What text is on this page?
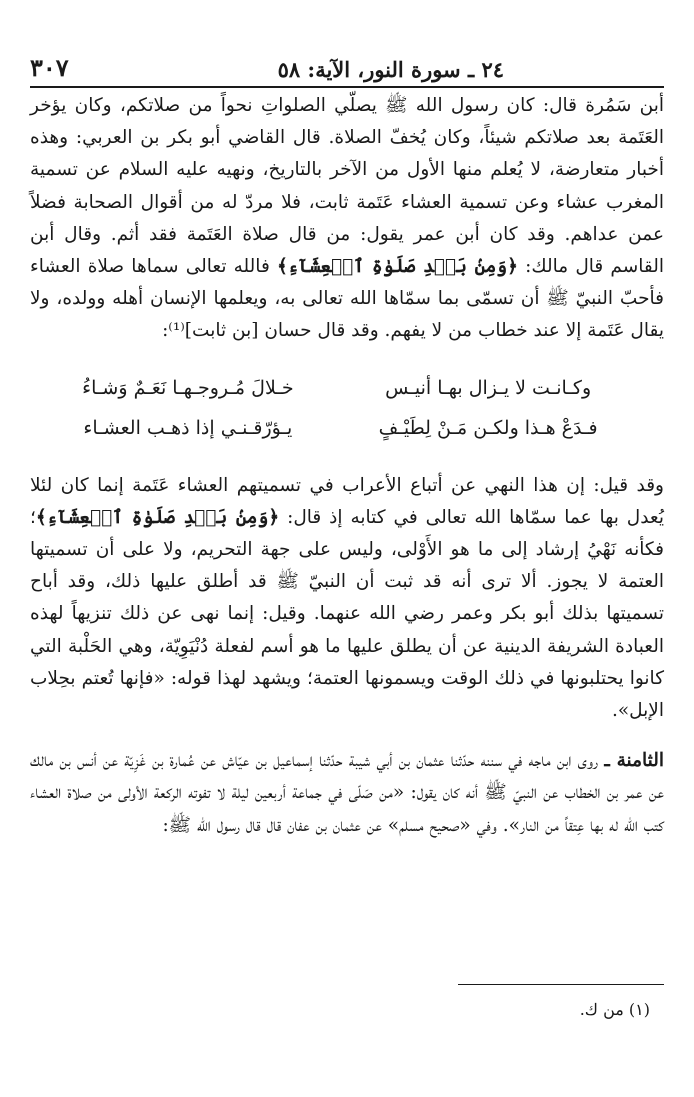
٢٤ ـ سورة النور، الآية: ٥٨
٣٠٧

أبن سَمُرة قال: كان رسول الله ﷺ يصلّي الصلواتِ نحواً من صلاتكم، وكان يؤخر العَتَمة بعد صلاتكم شيئاً، وكان يُخفّ الصلاة. قال القاضي أبو بكر بن العربي: وهذه أخبار متعارضة، لا يُعلم منها الأول من الآخر بالتاريخ، ونهيه عليه السلام عن تسمية المغرب عشاء وعن تسمية العشاء عَتَمة ثابت، فلا مردّ له من أقوال الصحابة فضلاً عمن عداهم. وقد كان أبن عمر يقول: من قال صلاة العَتَمة فقد أثم. وقال أبن القاسم قال مالك: ﴿وَمِنۢ بَعۡدِ صَلَوٰةِ ٱلۡعِشَآءِ﴾ فالله تعالى سماها صلاة العشاء فأحبّ النبيّ ﷺ أن تسمّى بما سمّاها الله تعالى به، ويعلمها الإنسان أهله وولده، ولا يقال عَتَمة إلا عند خطاب من لا يفهم. وقد قال حسان [بن ثابت]⁽¹⁾:

وكـانـت لا يـزال بهـا أنيـس
خـلالَ مُـروجـهـا نَعَـمٌ وَشـاءُ
فـدَعْ هـذا ولكـن مَـنْ لِطَيْـفٍ
يـؤرّقـنـي إذا ذهـب العشـاء

وقد قيل: إن هذا النهي عن أتباع الأعراب في تسميتهم العشاء عَتَمة إنما كان لئلا يُعدل بها عما سمّاها الله تعالى في كتابه إذ قال: ﴿وَمِنۢ بَعۡدِ صَلَوٰةِ ٱلۡعِشَآءِ﴾؛ فكأنه نَهْيُ إرشاد إلى ما هو الأَوْلى، وليس على جهة التحريم، ولا على أن تسميتها العتمة لا يجوز. ألا ترى أنه قد ثبت أن النبيّ ﷺ قد أطلق عليها ذلك، وقد أباح تسميتها بذلك أبو بكر وعمر رضي الله عنهما. وقيل: إنما نهى عن ذلك تنزيهاً لهذه العبادة الشريفة الدينية عن أن يطلق عليها ما هو أسم لفعلة دُنْيَوِيّة، وهي الحَلْبة التي كانوا يحتلبونها في ذلك الوقت ويسمونها العتمة؛ ويشهد لهذا قوله: «فإنها تُعتم بحِلاب الإبل».

الثامنة ـ روى ابن ماجه في سننه حدّثنا عثمان بن أبي شيبة حدّثنا إسماعيل بن عيّاش عن عُمارة بن غَزِيّة عن أنس بن مالك عن عمر بن الخطاب عن النبيّ ﷺ أنه كان يقول: «من صَلّى في جماعة أربعين ليلة لا تفوته الركعة الأولى من صلاة العشاء كتب الله له بها عِتقاً من النار». وفي «صحيح مسلم» عن عثمان بن عفان قال قال رسول الله ﷺ:

(١) من ك.
